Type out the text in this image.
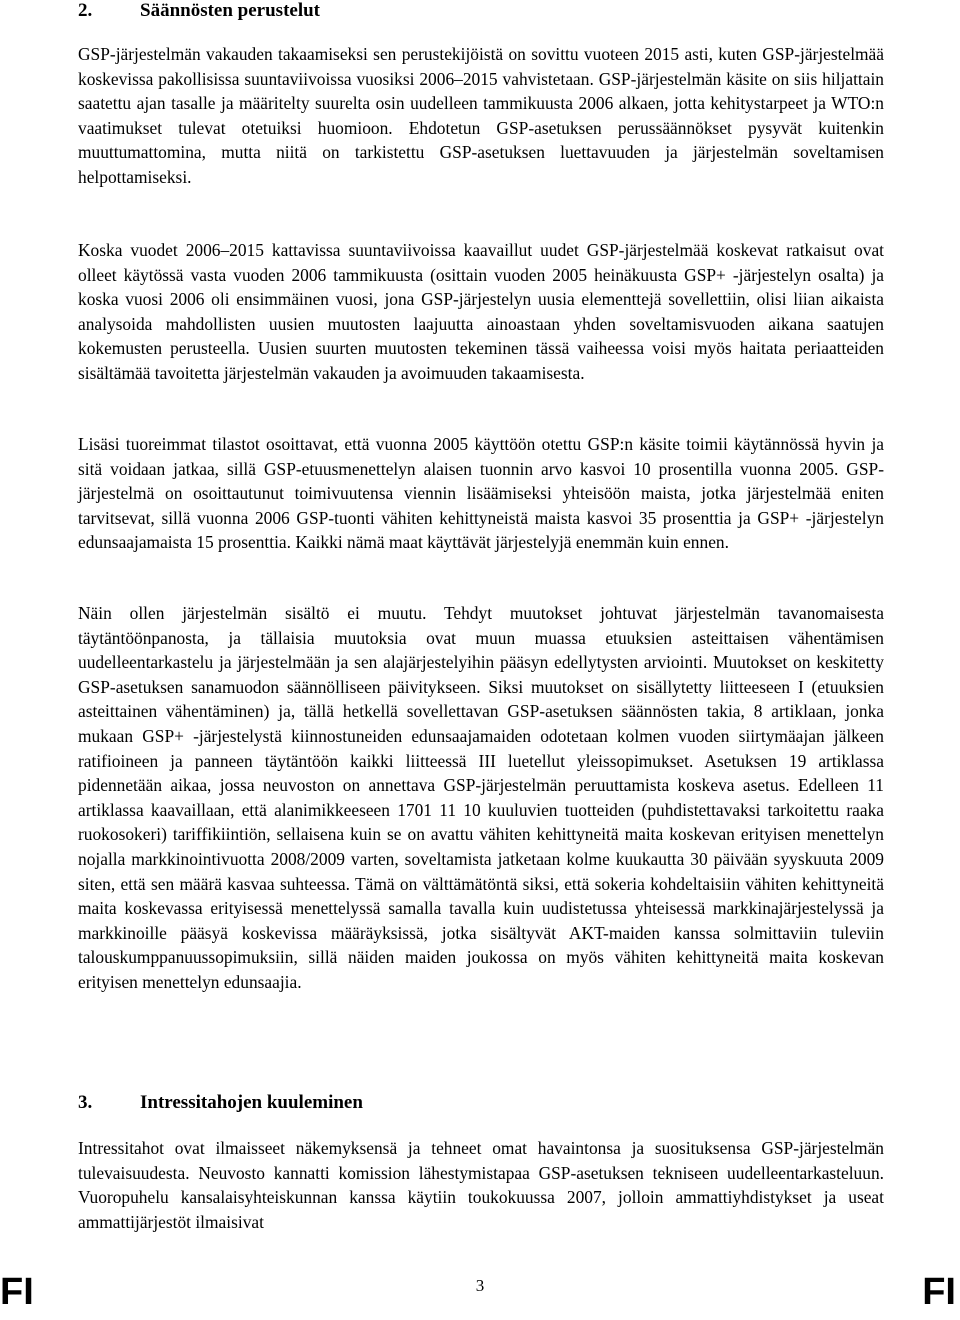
2.	Säännösten perustelut

GSP-järjestelmän vakauden takaamiseksi sen perustekijöistä on sovittu vuoteen 2015 asti, kuten GSP-järjestelmää koskevissa pakollisissa suuntaviivoissa vuosiksi 2006–2015 vahvistetaan. GSP-järjestelmän käsite on siis hiljattain saatettu ajan tasalle ja määritelty suurelta osin uudelleen tammikuusta 2006 alkaen, jotta kehitystarpeet ja WTO:n vaatimukset tulevat otetuiksi huomioon. Ehdotetun GSP-asetuksen perussäännökset pysyvät kuitenkin muuttumattomina, mutta niitä on tarkistettu GSP-asetuksen luettavuuden ja järjestelmän soveltamisen helpottamiseksi.

Koska vuodet 2006–2015 kattavissa suuntaviivoissa kaavaillut uudet GSP-järjestelmää koskevat ratkaisut ovat olleet käytössä vasta vuoden 2006 tammikuusta (osittain vuoden 2005 heinäkuusta GSP+ -järjestelyn osalta) ja koska vuosi 2006 oli ensimmäinen vuosi, jona GSP-järjestelyn uusia elementtejä sovellettiin, olisi liian aikaista analysoida mahdollisten uusien muutosten laajuutta ainoastaan yhden soveltamisvuoden aikana saatujen kokemusten perusteella. Uusien suurten muutosten tekeminen tässä vaiheessa voisi myös haitata periaatteiden sisältämää tavoitetta järjestelmän vakauden ja avoimuuden takaamisesta.

Lisäsi tuoreimmat tilastot osoittavat, että vuonna 2005 käyttöön otettu GSP:n käsite toimii käytännössä hyvin ja sitä voidaan jatkaa, sillä GSP-etuusmenettelyn alaisen tuonnin arvo kasvoi 10 prosentilla vuonna 2005. GSP-järjestelmä on osoittautunut toimivuutensa viennin lisäämiseksi yhteisöön maista, jotka järjestelmää eniten tarvitsevat, sillä vuonna 2006 GSP-tuonti vähiten kehittyneistä maista kasvoi 35 prosenttia ja GSP+ -järjestelyn edunsaajamaista 15 prosenttia. Kaikki nämä maat käyttävät järjestelyjä enemmän kuin ennen.

Näin ollen järjestelmän sisältö ei muutu. Tehdyt muutokset johtuvat järjestelmän tavanomaisesta täytäntöönpanosta, ja tällaisia muutoksia ovat muun muassa etuuksien asteittaisen vähentämisen uudelleentarkastelu ja järjestelmään ja sen alajärjestelyihin pääsyn edellytysten arviointi. Muutokset on keskitetty GSP-asetuksen sanamuodon säännölliseen päivitykseen. Siksi muutokset on sisällytetty liitteeseen I (etuuksien asteittainen vähentäminen) ja, tällä hetkellä sovellettavan GSP-asetuksen säännösten takia, 8 artiklaan, jonka mukaan GSP+ -järjestelystä kiinnostuneiden edunsaajamaiden odotetaan kolmen vuoden siirtymäajan jälkeen ratifioineen ja panneen täytäntöön kaikki liitteessä III luetellut yleissopimukset. Asetuksen 19 artiklassa pidennetään aikaa, jossa neuvoston on annettava GSP-järjestelmän peruuttamista koskeva asetus. Edelleen 11 artiklassa kaavaillaan, että alanimikkeeseen 1701 11 10 kuuluvien tuotteiden (puhdistettavaksi tarkoitettu raaka ruokosokeri) tariffikiintiön, sellaisena kuin se on avattu vähiten kehittyneitä maita koskevan erityisen menettelyn nojalla markkinointivuotta 2008/2009 varten, soveltamista jatketaan kolme kuukautta 30 päivään syyskuuta 2009 siten, että sen määrä kasvaa suhteessa. Tämä on välttämätöntä siksi, että sokeria kohdeltaisiin vähiten kehittyneitä maita koskevassa erityisessä menettelyssä samalla tavalla kuin uudistetussa yhteisessä markkinajärjestelyssä ja markkinoille pääsyä koskevissa määräyksissä, jotka sisältyvät AKT-maiden kanssa solmittaviin tuleviin talouskumppanuussopimuksiin, sillä näiden maiden joukossa on myös vähiten kehittyneitä maita koskevan erityisen menettelyn edunsaajia.

3.	Intressitahojen kuuleminen

Intressitahot ovat ilmaisseet näkemyksensä ja tehneet omat havaintonsa ja suosituksensa GSP-järjestelmän tulevaisuudesta. Neuvosto kannatti komission lähestymistapaa GSP-asetuksen tekniseen uudelleentarkasteluun. Vuoropuhelu kansalaisyhteiskunnan kanssa käytiin toukokuussa 2007, jolloin ammattiyhdistykset ja useat ammattijärjestöt ilmaisivat

FI	3	FI
